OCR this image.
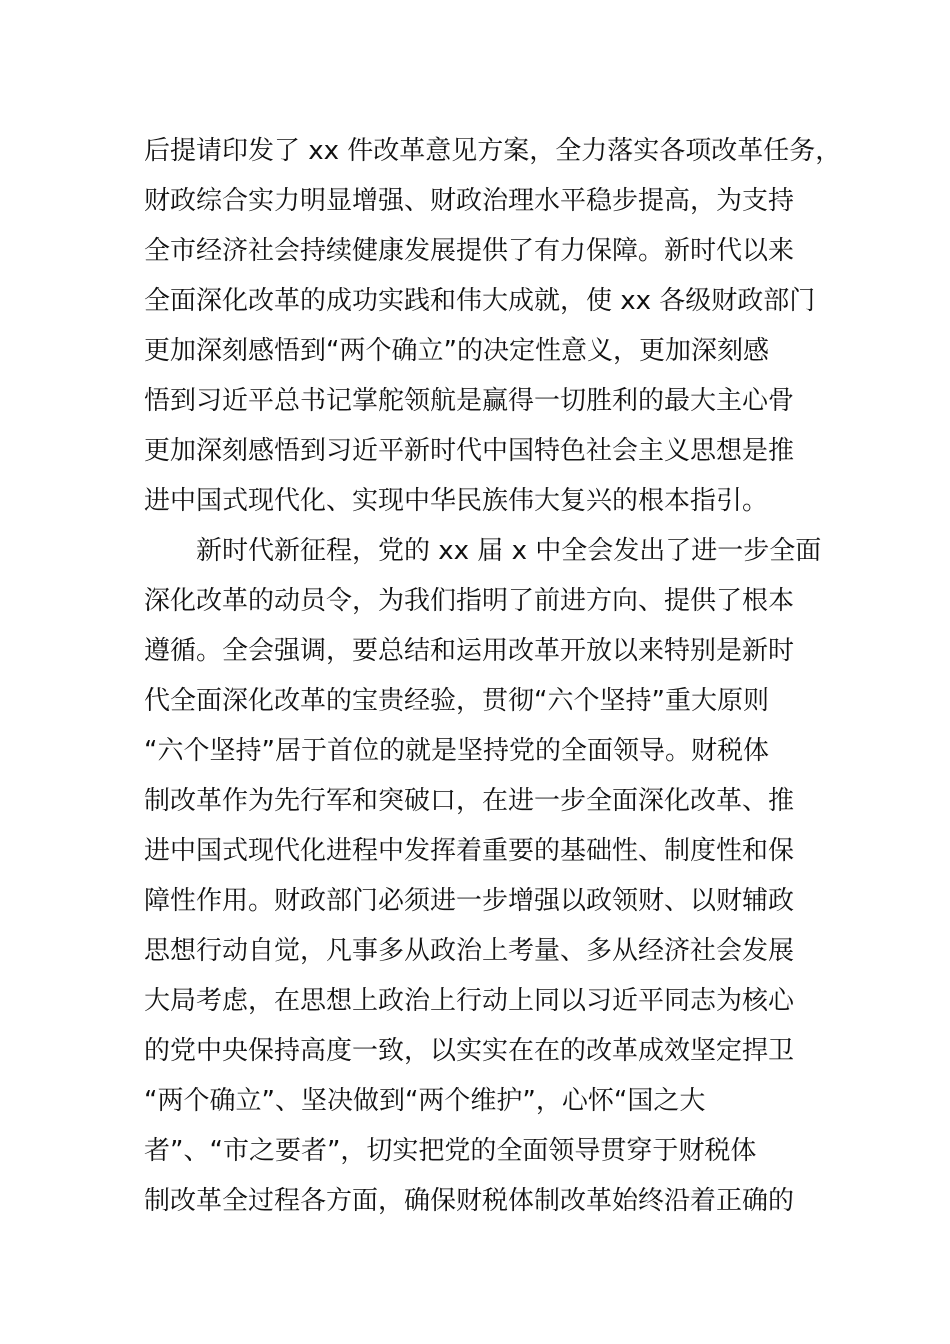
后提请印发了 xx 件改革意见方案，全力落实各项改革任务，
财政综合实力明显增强、财政治理水平稳步提高，为支持
全市经济社会持续健康发展提供了有力保障。新时代以来
全面深化改革的成功实践和伟大成就，使 xx 各级财政部门
更加深刻感悟到“两个确立”的决定性意义，更加深刻感
悟到习近平总书记掌舵领航是赢得一切胜利的最大主心骨
更加深刻感悟到习近平新时代中国特色社会主义思想是推
进中国式现代化、实现中华民族伟大复兴的根本指引。
新时代新征程，党的 xx 届 x 中全会发出了进一步全面
深化改革的动员令，为我们指明了前进方向、提供了根本
遵循。全会强调，要总结和运用改革开放以来特别是新时
代全面深化改革的宝贵经验，贯彻“六个坚持”重大原则
“六个坚持”居于首位的就是坚持党的全面领导。财税体
制改革作为先行军和突破口，在进一步全面深化改革、推
进中国式现代化进程中发挥着重要的基础性、制度性和保
障性作用。财政部门必须进一步增强以政领财、以财辅政
思想行动自觉，凡事多从政治上考量、多从经济社会发展
大局考虑，在思想上政治上行动上同以习近平同志为核心
的党中央保持高度一致，以实实在在的改革成效坚定捍卫
“两个确立”、坚决做到“两个维护”，心怀“国之大
者”、“市之要者”，切实把党的全面领导贯穿于财税体
制改革全过程各方面，确保财税体制改革始终沿着正确的
